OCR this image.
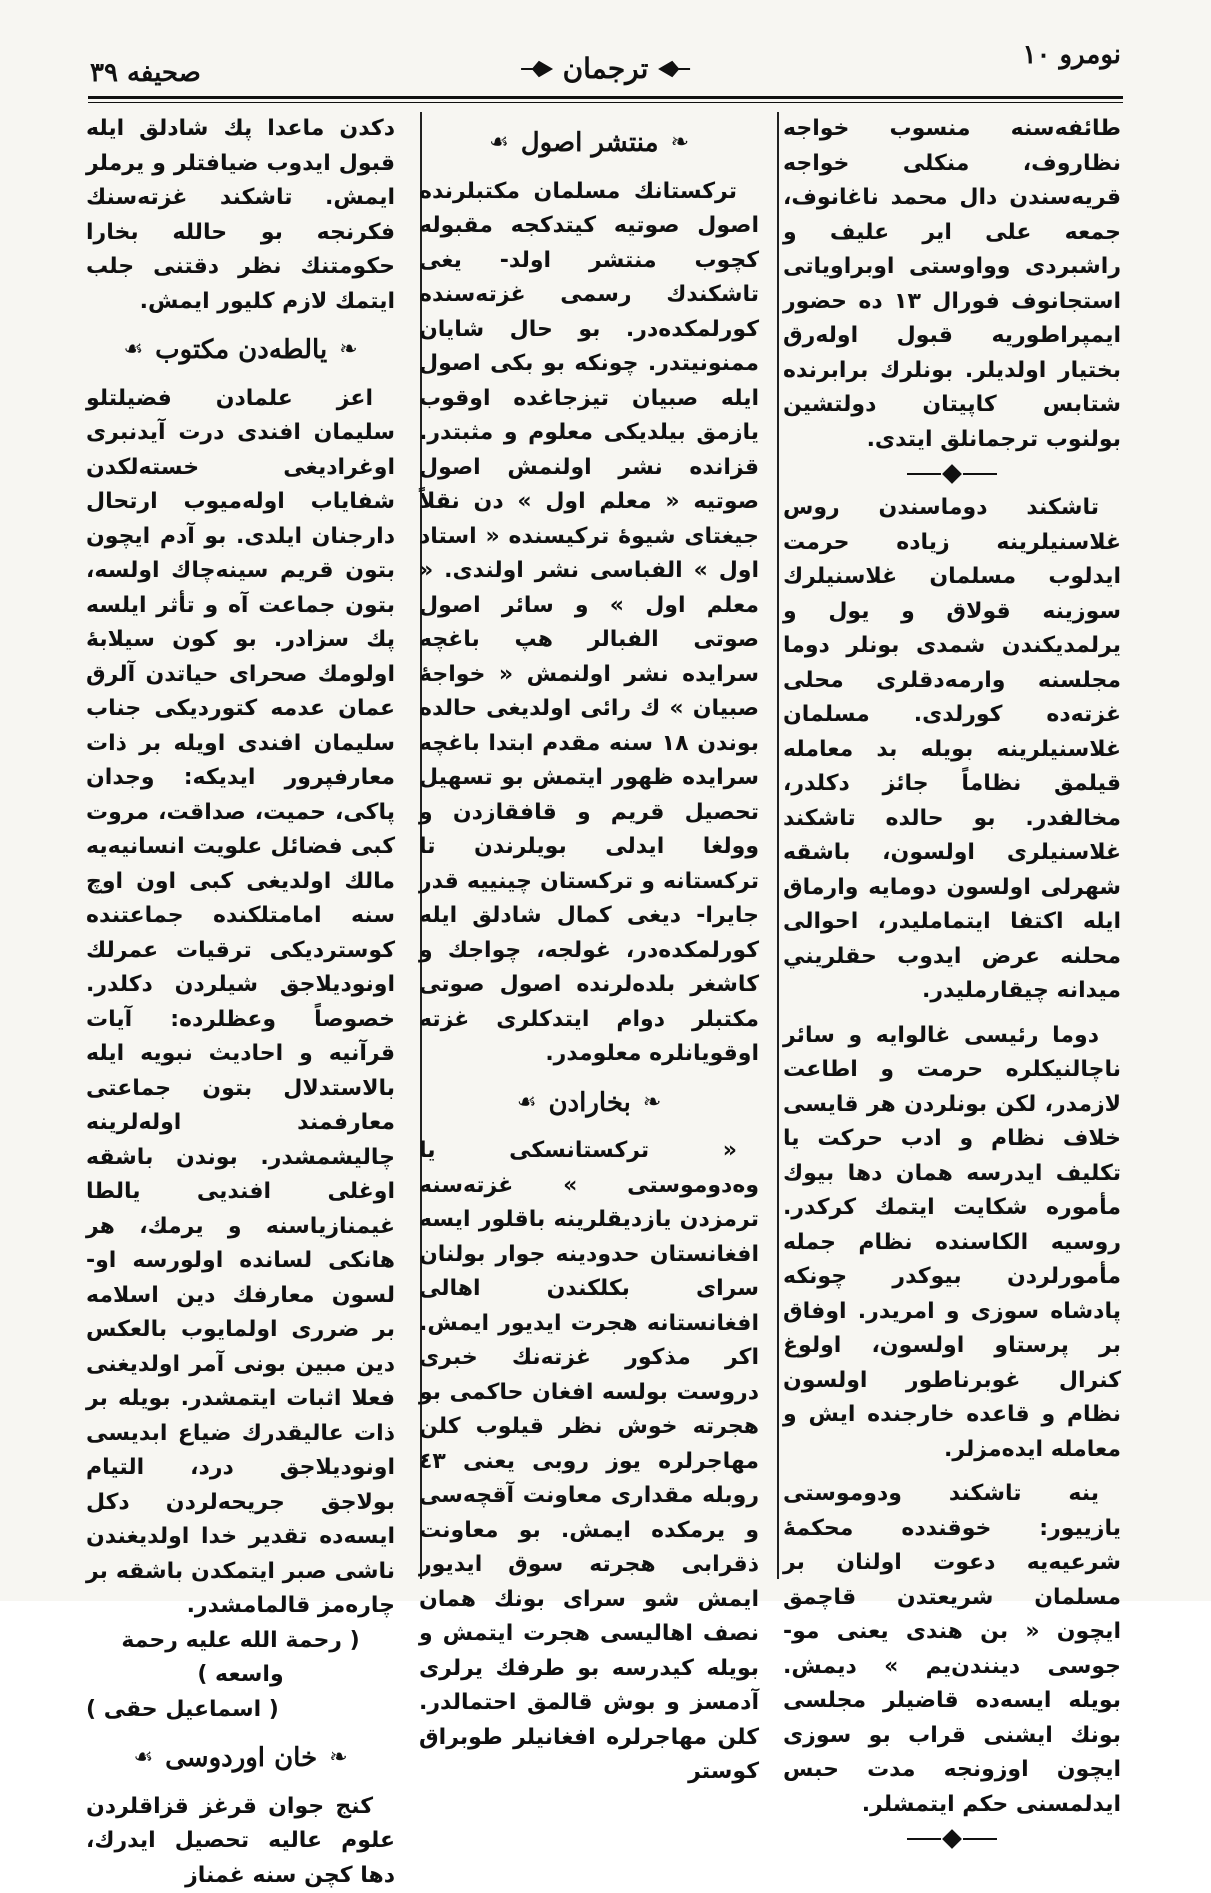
نومرو ١٠
ترجمان
صحيفه ٣٩

طائفه‌سنه منسوب خواجه نظاروف، منکلی خواجه قريه‌سندن دال محمد ناغانوف، جمعه علی اير عليف و راشبردی وواوستی اوبراوياتی استجانوف فورال ١٣ ده حضور ايمپراطوريه قبول اوله‌رق بختيار اولديلر. بونلرك برابرنده شتابس کاپيتان دولتشين بولنوب ترجمانلق ايتدی.

تاشکند دوماسندن روس غلاسنيلرينه زياده حرمت ايدلوب مسلمان غلاسنيلرك سوزينه قولاق و يول و يرلمديکندن شمدی بونلر دوما مجلسنه وارمه‌دقلری محلی غزته‌ده کورلدی. مسلمان غلاسنيلرينه بويله بد معامله قيلمق نظاماً جائز دکلدر، مخالفدر. بو حالده تاشکند غلاسنيلری اولسون، باشقه شهرلی اولسون دومايه وارماق ايله اکتفا ايتمامليدر، احوالی محلنه عرض ايدوب حقلريني ميدانه چيقارمليدر.

دوما رئيسی غالوايه و سائر ناچالنيکلره حرمت و اطاعت لازمدر، لکن بونلردن هر قايسی خلاف نظام و ادب حرکت يا تکليف ايدرسه همان دها بيوك مأموره شکايت ايتمك کرکدر. روسيه الکاسنده نظام جمله مأمورلردن بيوکدر چونکه پادشاه سوزی و امريدر. اوفاق بر پرستاو اولسون، اولوغ کنرال غوبرناطور اولسون نظام و قاعده خارجنده ايش و معامله ايده‌مزلر.

ينه تاشکند ودوموستی يازييور: خوقندده محکمۀ شرعيه‌يه دعوت اولنان بر مسلمان شريعتدن قاچمق ايچون « بن هندی يعنی مو- جوسی دينندن‌يم » ديمش. بويله ايسه‌ده قاضيلر مجلسی بونك ايشنی قراب بو سوزی ايچون اوزونجه مدت حبس ايدلمسنی حکم ايتمشلر.

❧
منتشر اصول
☙

ترکستانك مسلمان مکتبلرنده اصول صوتيه کيتدکجه مقبوله کچوب منتشر اولد- يغی تاشکندك رسمی غزته‌سنده کورلمکده‌در. بو حال شايان ممنونيتدر. چونکه بو بکی اصول ايله صبيان تيزجاغده اوقوب يازمق بيلديکی معلوم و مثبتدر. قزانده نشر اولنمش اصول صوتيه « معلم اول » دن نقلاً جيغتای شيوۀ ترکيسنده « استاد اول » الفباسی نشر اولندی. « معلم اول » و سائر اصول صوتی الفبالر هپ باغچه سرايده نشر اولنمش « خواجۀ صبيان » ك رائی اولديغی حالده بوندن ١٨ سنه مقدم ابتدا باغچه سرايده ظهور ايتمش بو تسهيل تحصيل قريم و قافقازدن و وولغا ايدلی بويلرندن تا ترکستانه و ترکستان چينييه قدر جايرا- ديغی کمال شادلق ايله کورلمکده‌در، غولجه، چواجك و کاشغر بلده‌لرنده اصول صوتی مکتبلر دوام ايتدکلری غزته اوقويانلره معلومدر.

❧
بخارادن
☙

« ترکستانسکی يا وه‌دوموستی » غزته‌سنه ترمزدن يازديقلرينه باقلور ايسه افغانستان حدودينه جوار بولنان سرای بکلکندن اهالی افغانستانه هجرت ايديور ايمش. اکر مذکور غزته‌نك خبری دروست بولسه افغان حاکمی بو هجرته خوش نظر قيلوب کلن مهاجرلره يوز روبی يعنی ٤٣ روبله مقداری معاونت آقچه‌سی و يرمکده ايمش. بو معاونت ذقرابی هجرته سوق ايديور ايمش شو سرای بونك همان نصف اهاليسی هجرت ايتمش و بويله کيدرسه بو طرفك يرلری آدمسز و بوش قالمق احتمالدر. کلن مهاجرلره افغانيلر طوبراق کوستر

دکدن ماعدا پك شادلق ايله قبول ايدوب ضيافتلر و يرملر ايمش. تاشکند غزته‌سنك فکرنجه بو حالله بخارا حکومتنك نظر دقتنی جلب ايتمك لازم کليور ايمش.

❧
يالطه‌دن مکتوب
☙

اعز علمادن فضيلتلو سليمان افندی درت آيدنبری اوغراديغی خسته‌لکدن شفاياب اوله‌ميوب ارتحال دارجنان ايلدی. بو آدم ايچون بتون قريم سينه‌چاك اولسه، بتون جماعت آه و تأثر ايلسه پك سزادر. بو کون سيلابۀ اولومك صحرای حياتدن آلرق عمان عدمه کتورديکی جناب سليمان افندی اويله بر ذات معارفپرور ايديکه: وجدان پاکی، حميت، صداقت، مروت کبی فضائل علويت انسانيه‌يه مالك اولديغی کبی اون اوچ سنه امامتلکنده جماعتنده کوستردیکی ترقيات عمرلك اونوديلاجق شيلردن دکلدر. خصوصاً وعظلرده: آيات قرآنيه و احاديث نبويه ايله بالاستدلال بتون جماعتی معارفمند اوله‌لرينه چاليشمشدر. بوندن باشقه اوغلی افنديی يالطا غيمنازياسنه و يرمك، هر هانکی لسانده اولورسه او- لسون معارفك دين اسلامه بر ضرری اولمايوب بالعکس دين مبين بونی آمر اولديغنی فعلا اثبات ايتمشدر. بويله بر ذات عاليقدرك ضياع ابديسی اونوديلاجق درد، التيام بولاجق جريحه‌لردن دکل ايسه‌ده تقدير خدا اولديغندن ناشی صبر ايتمکدن باشقه بر چاره‌مز قالمامشدر.

( رحمة الله عليه رحمة واسعه )

( اسماعيل حقی )

❧
خان اوردوسی
☙

کنج جوان قرغز قزاقلردن علوم عاليه تحصيل ايدرك، دها کچن سنه غمناز
